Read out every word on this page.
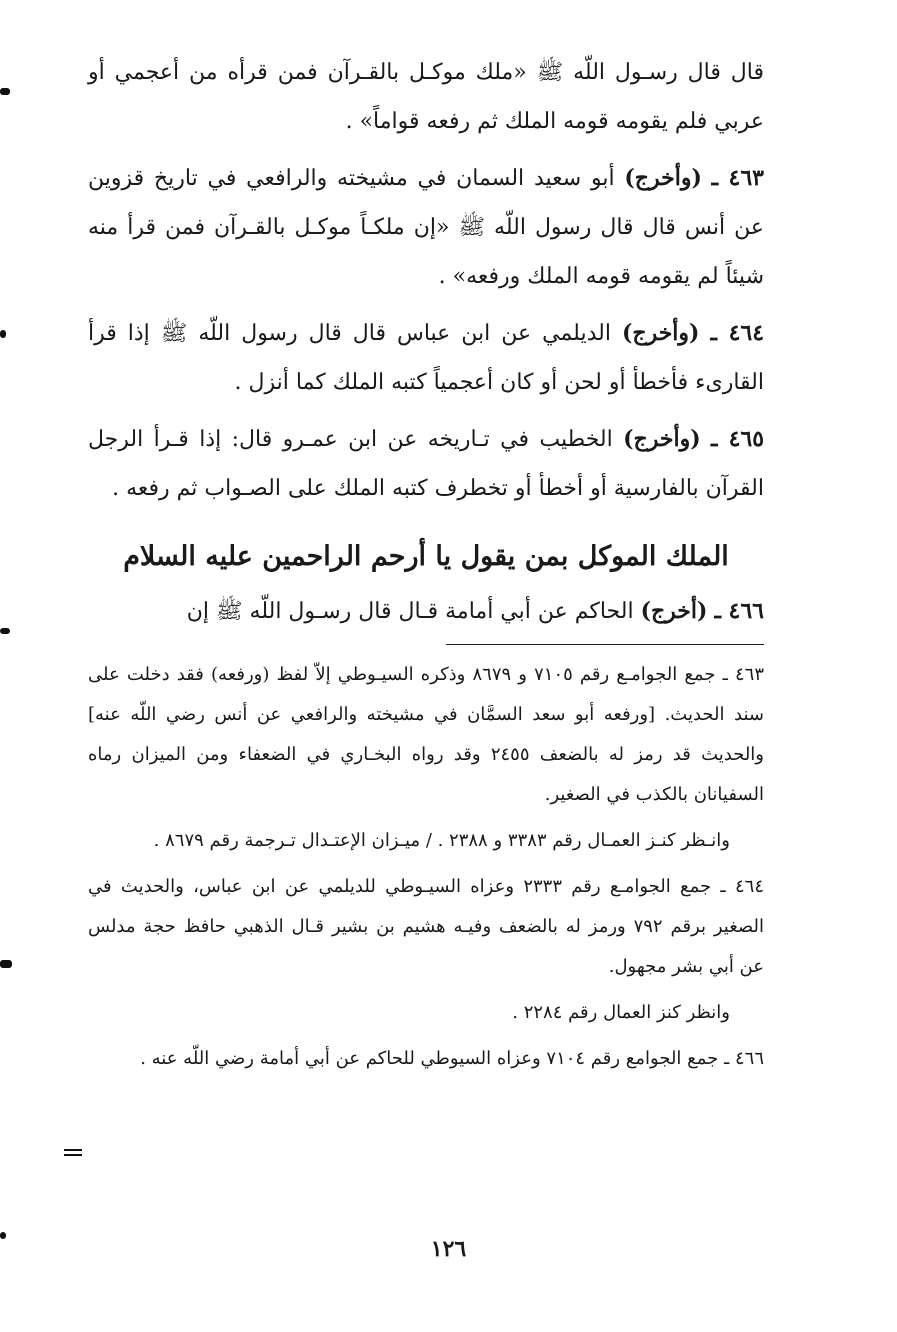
قال قال رسـول اللّه ﷺ «ملك موكـل بالقـرآن فمن قرأه من أعجمي أو عربي فلم يقومه قومه الملك ثم رفعه قواماً» .

٤٦٣ ـ (وأخرج) أبو سعيد السمان في مشيخته والرافعي في تاريخ قزوين عن أنس قال قال رسول اللّه ﷺ «إن ملكـاً موكـل بالقـرآن فمن قرأ منه شيئاً لم يقومه قومه الملك ورفعه» .

٤٦٤ ـ (وأخرج) الديلمي عن ابن عباس قال قال رسول اللّه ﷺ إذا قرأ القارىء فأخطأ أو لحن أو كان أعجمياً كتبه الملك كما أنزل .

٤٦٥ ـ (وأخرج) الخطيب في تـاريخه عن ابن عمـرو قال: إذا قـرأ الرجل القرآن بالفارسية أو أخطأ أو تخطرف كتبه الملك على الصـواب ثم رفعه .

الملك الموكل بمن يقول يا أرحم الراحمين عليه السلام

٤٦٦ ـ (أخرج) الحاكم عن أبي أمامة قـال قال رسـول اللّه ﷺ إن

٤٦٣ ـ جمع الجوامـع رقم ٧١٠٥ و ٨٦٧٩ وذكره السيـوطي إلاّ لفظ (ورفعه) فقد دخلت على سند الحديث. [ورفعه أبو سعد السمَّان في مشيخته والرافعي عن أنس رضي اللّه عنه] والحديث قد رمز له بالضعف ٢٤٥٥ وقد رواه البخـاري في الضعفاء ومن الميزان رماه السفيانان بالكذب في الصغير.

وانـظر كنـز العمـال رقم ٣٣٨٣ و ٢٣٨٨ . / ميـزان الإعتـدال تـرجمة رقم ٨٦٧٩ .

٤٦٤ ـ جمع الجوامـع رقم ٢٣٣٣ وعزاه السيـوطي للديلمي عن ابن عباس، والحديث في الصغير برقم ٧٩٢ ورمز له بالضعف وفيـه هشيم بن بشير قـال الذهبي حافظ حجة مدلس عن أبي بشر مجهول.

وانظر كنز العمال رقم ٢٢٨٤ .

٤٦٦ ـ جمع الجوامع رقم ٧١٠٤ وعزاه السيوطي للحاكم عن أبي أمامة رضي اللّه عنه .

١٢٦
